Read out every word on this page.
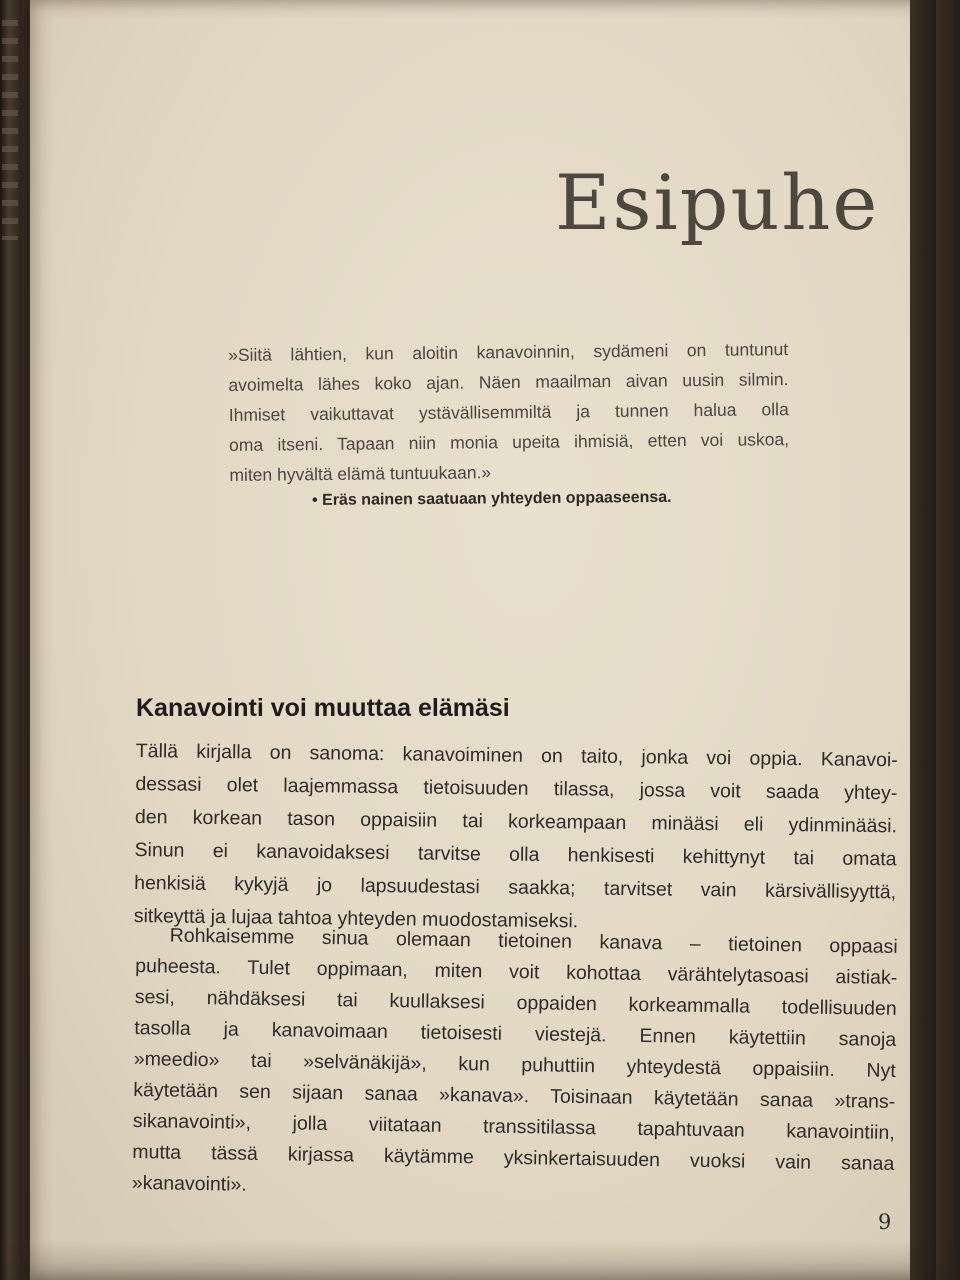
Esipuhe
»Siitä lähtien, kun aloitin kanavoinnin, sydämeni on tuntunut
avoimelta lähes koko ajan. Näen maailman aivan uusin silmin.
Ihmiset vaikuttavat ystävällisemmiltä ja tunnen halua olla
oma itseni. Tapaan niin monia upeita ihmisiä, etten voi uskoa,
miten hyvältä elämä tuntuukaan.»
• Eräs nainen saatuaan yhteyden oppaaseensa.
Kanavointi voi muuttaa elämäsi
Tällä kirjalla on sanoma: kanavoiminen on taito, jonka voi oppia. Kanavoi-
dessasi olet laajemmassa tietoisuuden tilassa, jossa voit saada yhtey-
den korkean tason oppaisiin tai korkeampaan minääsi eli ydinminääsi.
Sinun ei kanavoidaksesi tarvitse olla henkisesti kehittynyt tai omata
henkisiä kykyjä jo lapsuudestasi saakka; tarvitset vain kärsivällisyyttä,
sitkeyttä ja lujaa tahtoa yhteyden muodostamiseksi.
Rohkaisemme sinua olemaan tietoinen kanava – tietoinen oppaasi
puheesta. Tulet oppimaan, miten voit kohottaa värähtelytasoasi aistiak-
sesi, nähdäksesi tai kuullaksesi oppaiden korkeammalla todellisuuden
tasolla ja kanavoimaan tietoisesti viestejä. Ennen käytettiin sanoja
»meedio» tai »selvänäkijä», kun puhuttiin yhteydestä oppaisiin. Nyt
käytetään sen sijaan sanaa »kanava». Toisinaan käytetään sanaa »trans-
sikanavointi», jolla viitataan transsitilassa tapahtuvaan kanavointiin,
mutta tässä kirjassa käytämme yksinkertaisuuden vuoksi vain sanaa
»kanavointi».
9
